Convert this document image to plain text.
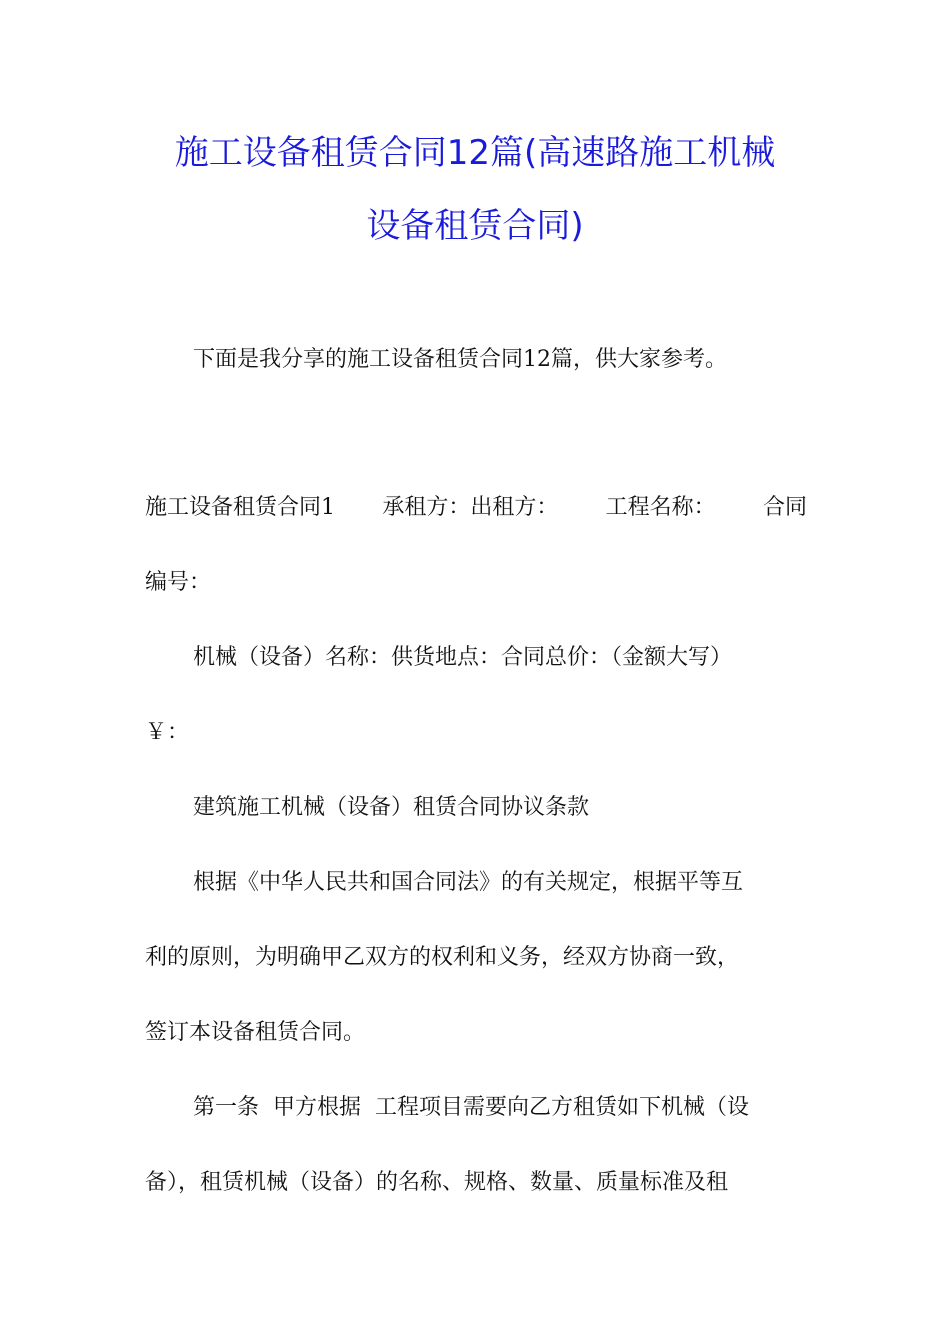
施工设备租赁合同12篇(高速路施工机械
设备租赁合同)

下面是我分享的施工设备租赁合同12篇，供大家参考。

施工设备租赁合同1 承租方：出租方： 工程名称： 合同

编号：

机械（设备）名称：供货地点：合同总价：（金额大写）

￥：

建筑施工机械（设备）租赁合同协议条款

根据《中华人民共和国合同法》的有关规定，根据平等互

利的原则，为明确甲乙双方的权利和义务，经双方协商一致，

签订本设备租赁合同。

第一条  甲方根据  工程项目需要向乙方租赁如下机械（设

备），租赁机械（设备）的名称、规格、数量、质量标准及租
